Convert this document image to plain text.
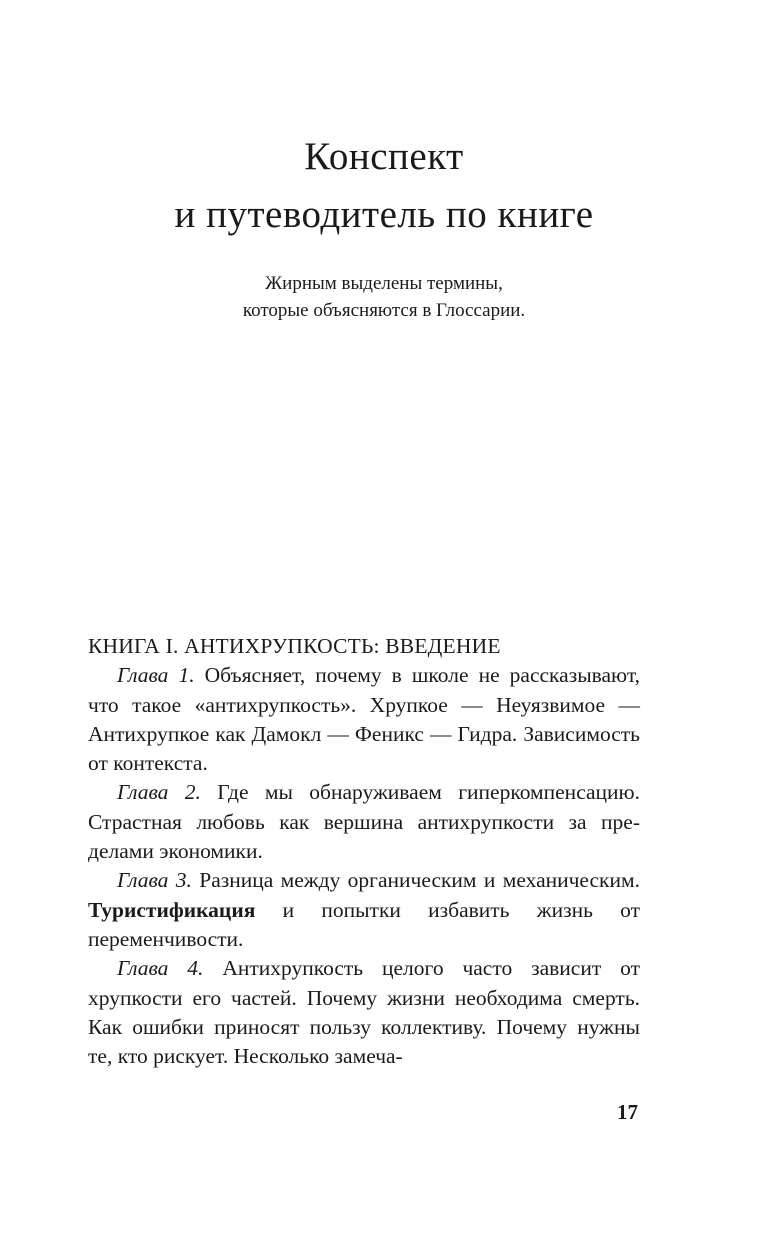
Конспект
и путеводитель по книге
Жирным выделены термины,
которые объясняются в Глоссарии.
КНИГА I. АНТИХРУПКОСТЬ: ВВЕДЕНИЕ

Глава 1. Объясняет, почему в школе не рассказывают, что такое «антихрупкость». Хрупкое — Неуязвимое — Антихрупкое как Дамокл — Феникс — Гидра. Зависимость от контекста.

Глава 2. Где мы обнаруживаем гиперкомпенсацию. Страстная любовь как вершина антихрупкости за пределами экономики.

Глава 3. Разница между органическим и механическим. Туристификация и попытки избавить жизнь от переменчивости.

Глава 4. Антихрупкость целого часто зависит от хрупкости его частей. Почему жизни необходима смерть. Как ошибки приносят пользу коллективу. Почему нужны те, кто рискует. Несколько замеча-

17
